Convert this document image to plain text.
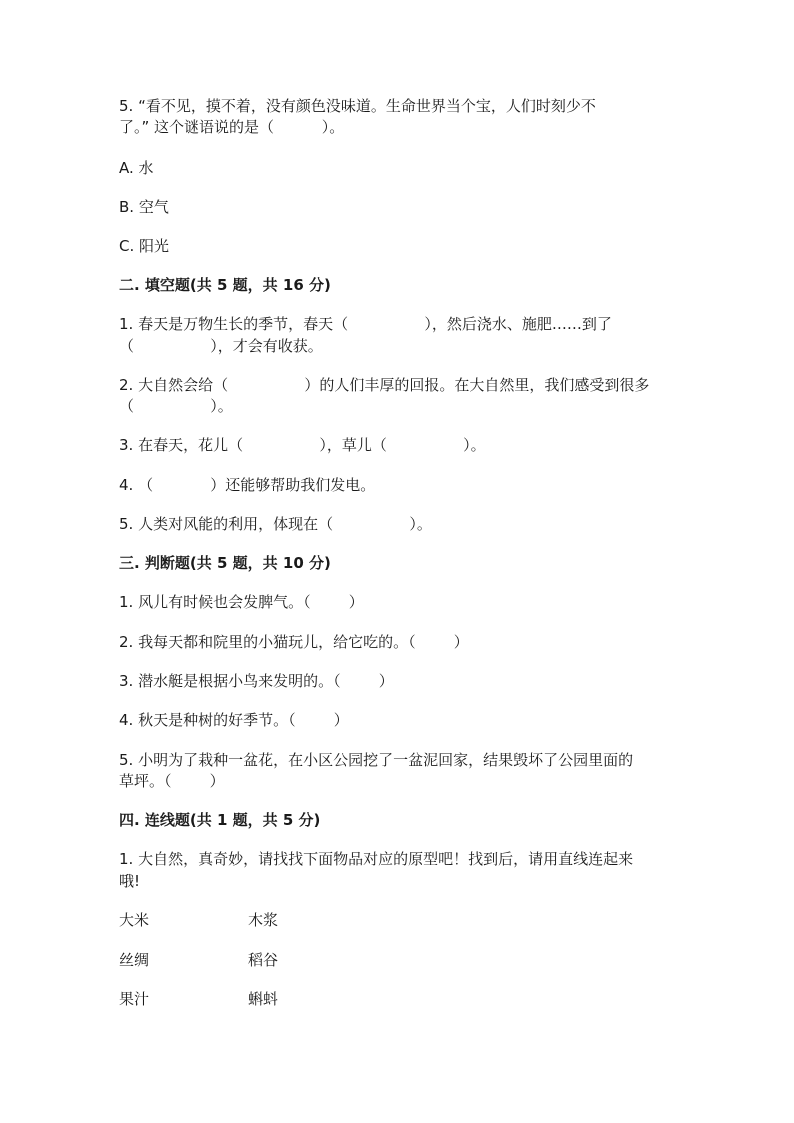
5. “看不见，摸不着，没有颜色没味道。生命世界当个宝，人们时刻少不
了。” 这个谜语说的是（          ）。
A. 水
B. 空气
C. 阳光
二. 填空题(共 5 题，共 16 分)
1. 春天是万物生长的季节，春天（                ），然后浇水、施肥……到了
（                ），才会有收获。
2. 大自然会给（                ）的人们丰厚的回报。在大自然里，我们感受到很多
（                ）。
3. 在春天，花儿（                ），草儿（                ）。
4. （            ）还能够帮助我们发电。
5. 人类对风能的利用，体现在（                ）。
三. 判断题(共 5 题，共 10 分)
1. 风儿有时候也会发脾气。（        ）
2. 我每天都和院里的小猫玩儿，给它吃的。（        ）
3. 潜水艇是根据小鸟来发明的。（        ）
4. 秋天是种树的好季节。（        ）
5. 小明为了栽种一盆花，在小区公园挖了一盆泥回家，结果毁坏了公园里面的
草坪。（        ）
四. 连线题(共 1 题，共 5 分)
1. 大自然，真奇妙，请找找下面物品对应的原型吧！找到后，请用直线连起来
哦!
大米	木浆
丝绸	稻谷
果汁	蝌蚪
